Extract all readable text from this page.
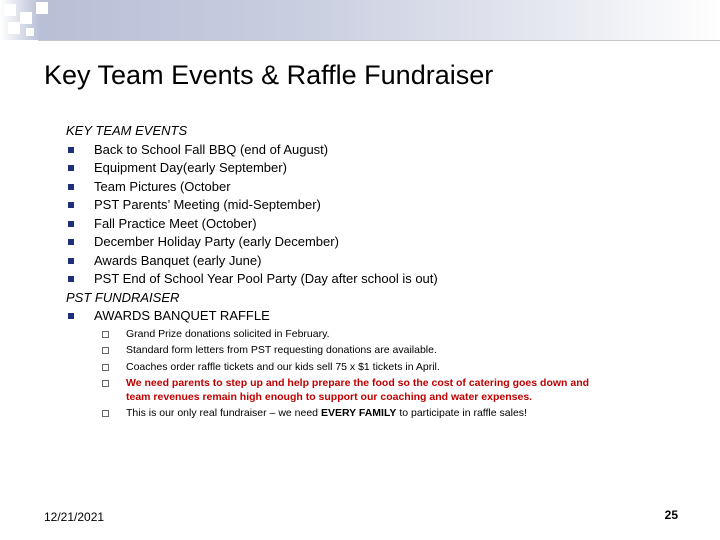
Key Team Events & Raffle Fundraiser
KEY TEAM EVENTS
Back to School Fall BBQ (end of August)
Equipment Day(early September)
Team Pictures (October
PST Parents’ Meeting (mid-September)
Fall Practice Meet (October)
December Holiday Party (early December)
Awards Banquet (early June)
PST End of School Year Pool Party (Day after school is out)
PST FUNDRAISER
AWARDS BANQUET RAFFLE
Grand Prize donations solicited in February.
Standard form letters from PST requesting donations are available.
Coaches order raffle tickets and our kids sell 75 x $1 tickets in April.
We need parents to step up and help prepare the food so the cost of catering goes down and team revenues remain high enough to support our coaching and water expenses.
This is our only real fundraiser – we need EVERY FAMILY to participate in raffle sales!
12/21/2021	25
